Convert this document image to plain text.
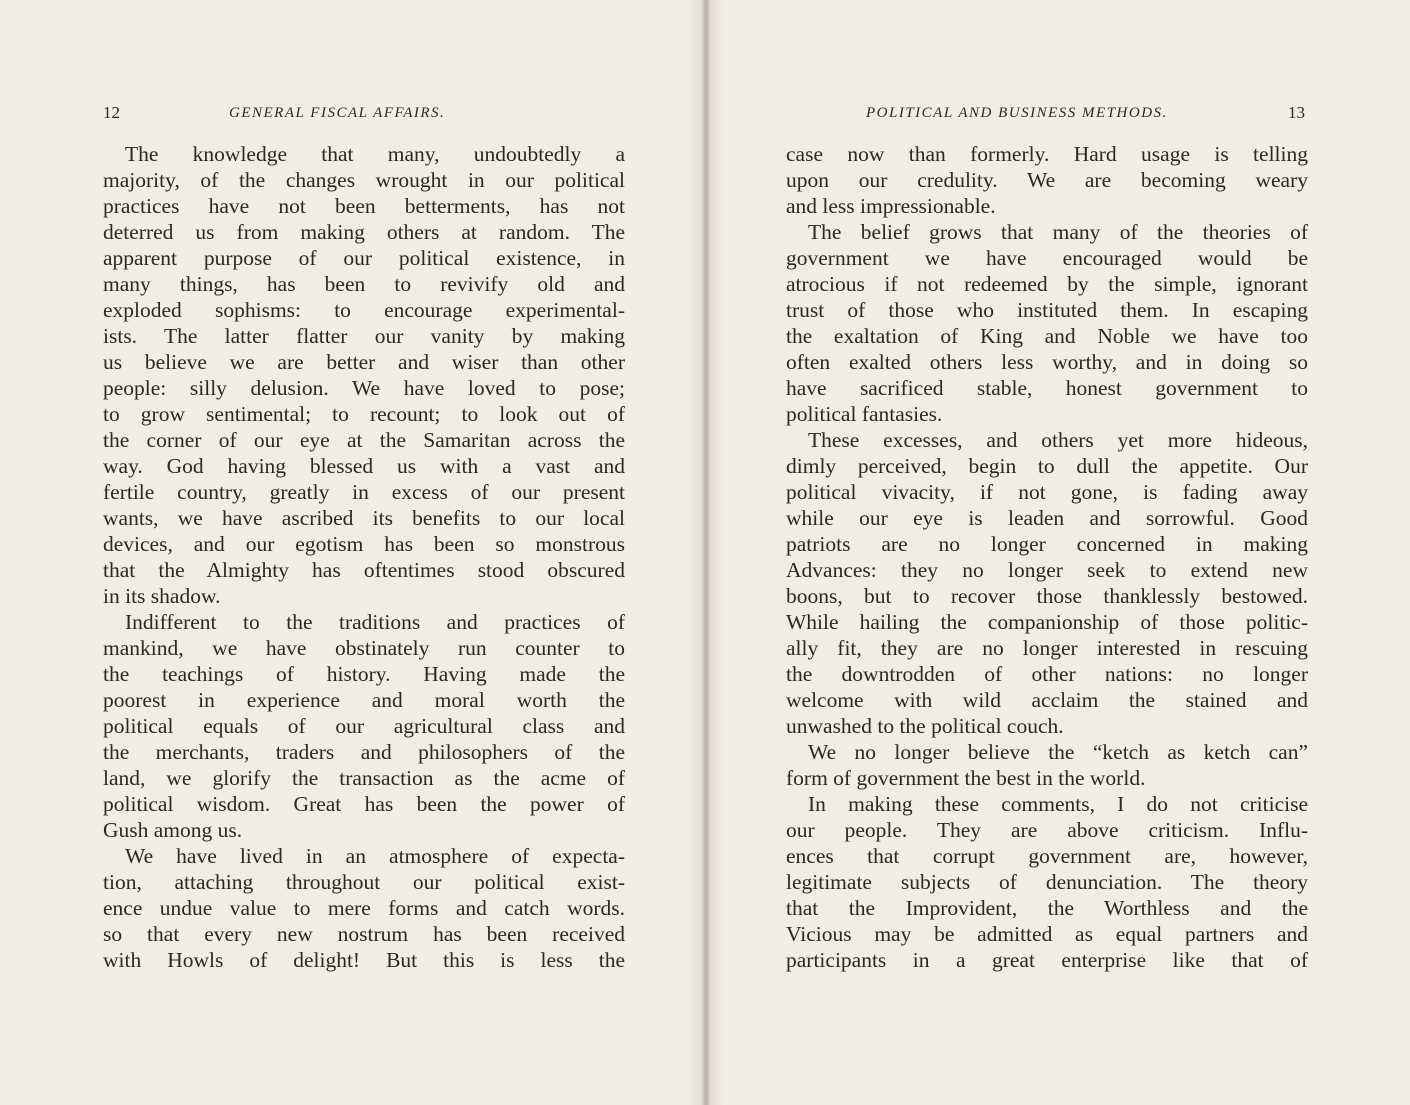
12	GENERAL FISCAL AFFAIRS.
The knowledge that many, undoubtedly a
majority, of the changes wrought in our political
practices have not been betterments, has not
deterred us from making others at random. The
apparent purpose of our political existence, in
many things, has been to revivify old and
exploded sophisms: to encourage experimental-
ists. The latter flatter our vanity by making
us believe we are better and wiser than other
people: silly delusion. We have loved to pose;
to grow sentimental; to recount; to look out of
the corner of our eye at the Samaritan across the
way. God having blessed us with a vast and
fertile country, greatly in excess of our present
wants, we have ascribed its benefits to our local
devices, and our egotism has been so monstrous
that the Almighty has oftentimes stood obscured
in its shadow.
Indifferent to the traditions and practices of
mankind, we have obstinately run counter to
the teachings of history. Having made the
poorest in experience and moral worth the
political equals of our agricultural class and
the merchants, traders and philosophers of the
land, we glorify the transaction as the acme of
political wisdom. Great has been the power of
Gush among us.
We have lived in an atmosphere of expecta-
tion, attaching throughout our political exist-
ence undue value to mere forms and catch words.
so that every new nostrum has been received
with Howls of delight! But this is less the
POLITICAL AND BUSINESS METHODS.	13
case now than formerly. Hard usage is telling
upon our credulity. We are becoming weary
and less impressionable.
The belief grows that many of the theories of
government we have encouraged would be
atrocious if not redeemed by the simple, ignorant
trust of those who instituted them. In escaping
the exaltation of King and Noble we have too
often exalted others less worthy, and in doing so
have sacrificed stable, honest government to
political fantasies.
These excesses, and others yet more hideous,
dimly perceived, begin to dull the appetite. Our
political vivacity, if not gone, is fading away
while our eye is leaden and sorrowful. Good
patriots are no longer concerned in making
Advances: they no longer seek to extend new
boons, but to recover those thanklessly bestowed.
While hailing the companionship of those politic-
ally fit, they are no longer interested in rescuing
the downtrodden of other nations: no longer
welcome with wild acclaim the stained and
unwashed to the political couch.
We no longer believe the “ketch as ketch can”
form of government the best in the world.
In making these comments, I do not criticise
our people. They are above criticism. Influ-
ences that corrupt government are, however,
legitimate subjects of denunciation. The theory
that the Improvident, the Worthless and the
Vicious may be admitted as equal partners and
participants in a great enterprise like that of
